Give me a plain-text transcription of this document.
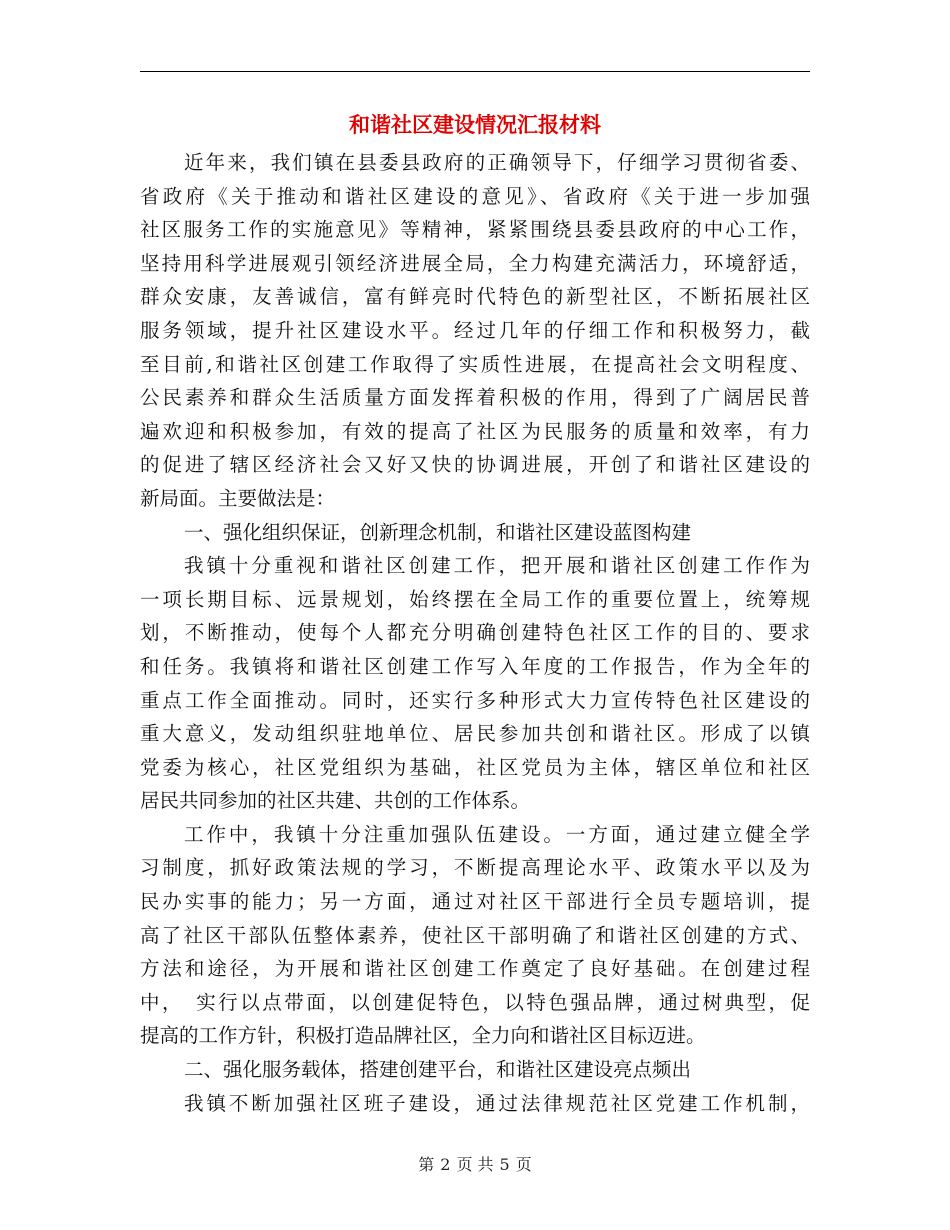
和谐社区建设情况汇报材料
近年来，我们镇在县委县政府的正确领导下，仔细学习贯彻省委、
省政府《关于推动和谐社区建设的意见》、省政府《关于进一步加强
社区服务工作的实施意见》等精神，紧紧围绕县委县政府的中心工作，
坚持用科学进展观引领经济进展全局，全力构建充满活力，环境舒适，
群众安康，友善诚信，富有鲜亮时代特色的新型社区，不断拓展社区
服务领域，提升社区建设水平。经过几年的仔细工作和积极努力，截
至目前,和谐社区创建工作取得了实质性进展，在提高社会文明程度、
公民素养和群众生活质量方面发挥着积极的作用，得到了广阔居民普
遍欢迎和积极参加，有效的提高了社区为民服务的质量和效率，有力
的促进了辖区经济社会又好又快的协调进展，开创了和谐社区建设的
新局面。主要做法是：
一、强化组织保证，创新理念机制，和谐社区建设蓝图构建
我镇十分重视和谐社区创建工作，把开展和谐社区创建工作作为
一项长期目标、远景规划，始终摆在全局工作的重要位置上，统筹规
划，不断推动，使每个人都充分明确创建特色社区工作的目的、要求
和任务。我镇将和谐社区创建工作写入年度的工作报告，作为全年的
重点工作全面推动。同时，还实行多种形式大力宣传特色社区建设的
重大意义，发动组织驻地单位、居民参加共创和谐社区。形成了以镇
党委为核心，社区党组织为基础，社区党员为主体，辖区单位和社区
居民共同参加的社区共建、共创的工作体系。
工作中，我镇十分注重加强队伍建设。一方面，通过建立健全学
习制度，抓好政策法规的学习，不断提高理论水平、政策水平以及为
民办实事的能力；另一方面，通过对社区干部进行全员专题培训，提
高了社区干部队伍整体素养，使社区干部明确了和谐社区创建的方式、
方法和途径，为开展和谐社区创建工作奠定了良好基础。在创建过程
中，　实行以点带面，以创建促特色，以特色强品牌，通过树典型，促
提高的工作方针，积极打造品牌社区，全力向和谐社区目标迈进。
二、强化服务载体，搭建创建平台，和谐社区建设亮点频出
我镇不断加强社区班子建设，通过法律规范社区党建工作机制，
第 2 页 共 5 页
